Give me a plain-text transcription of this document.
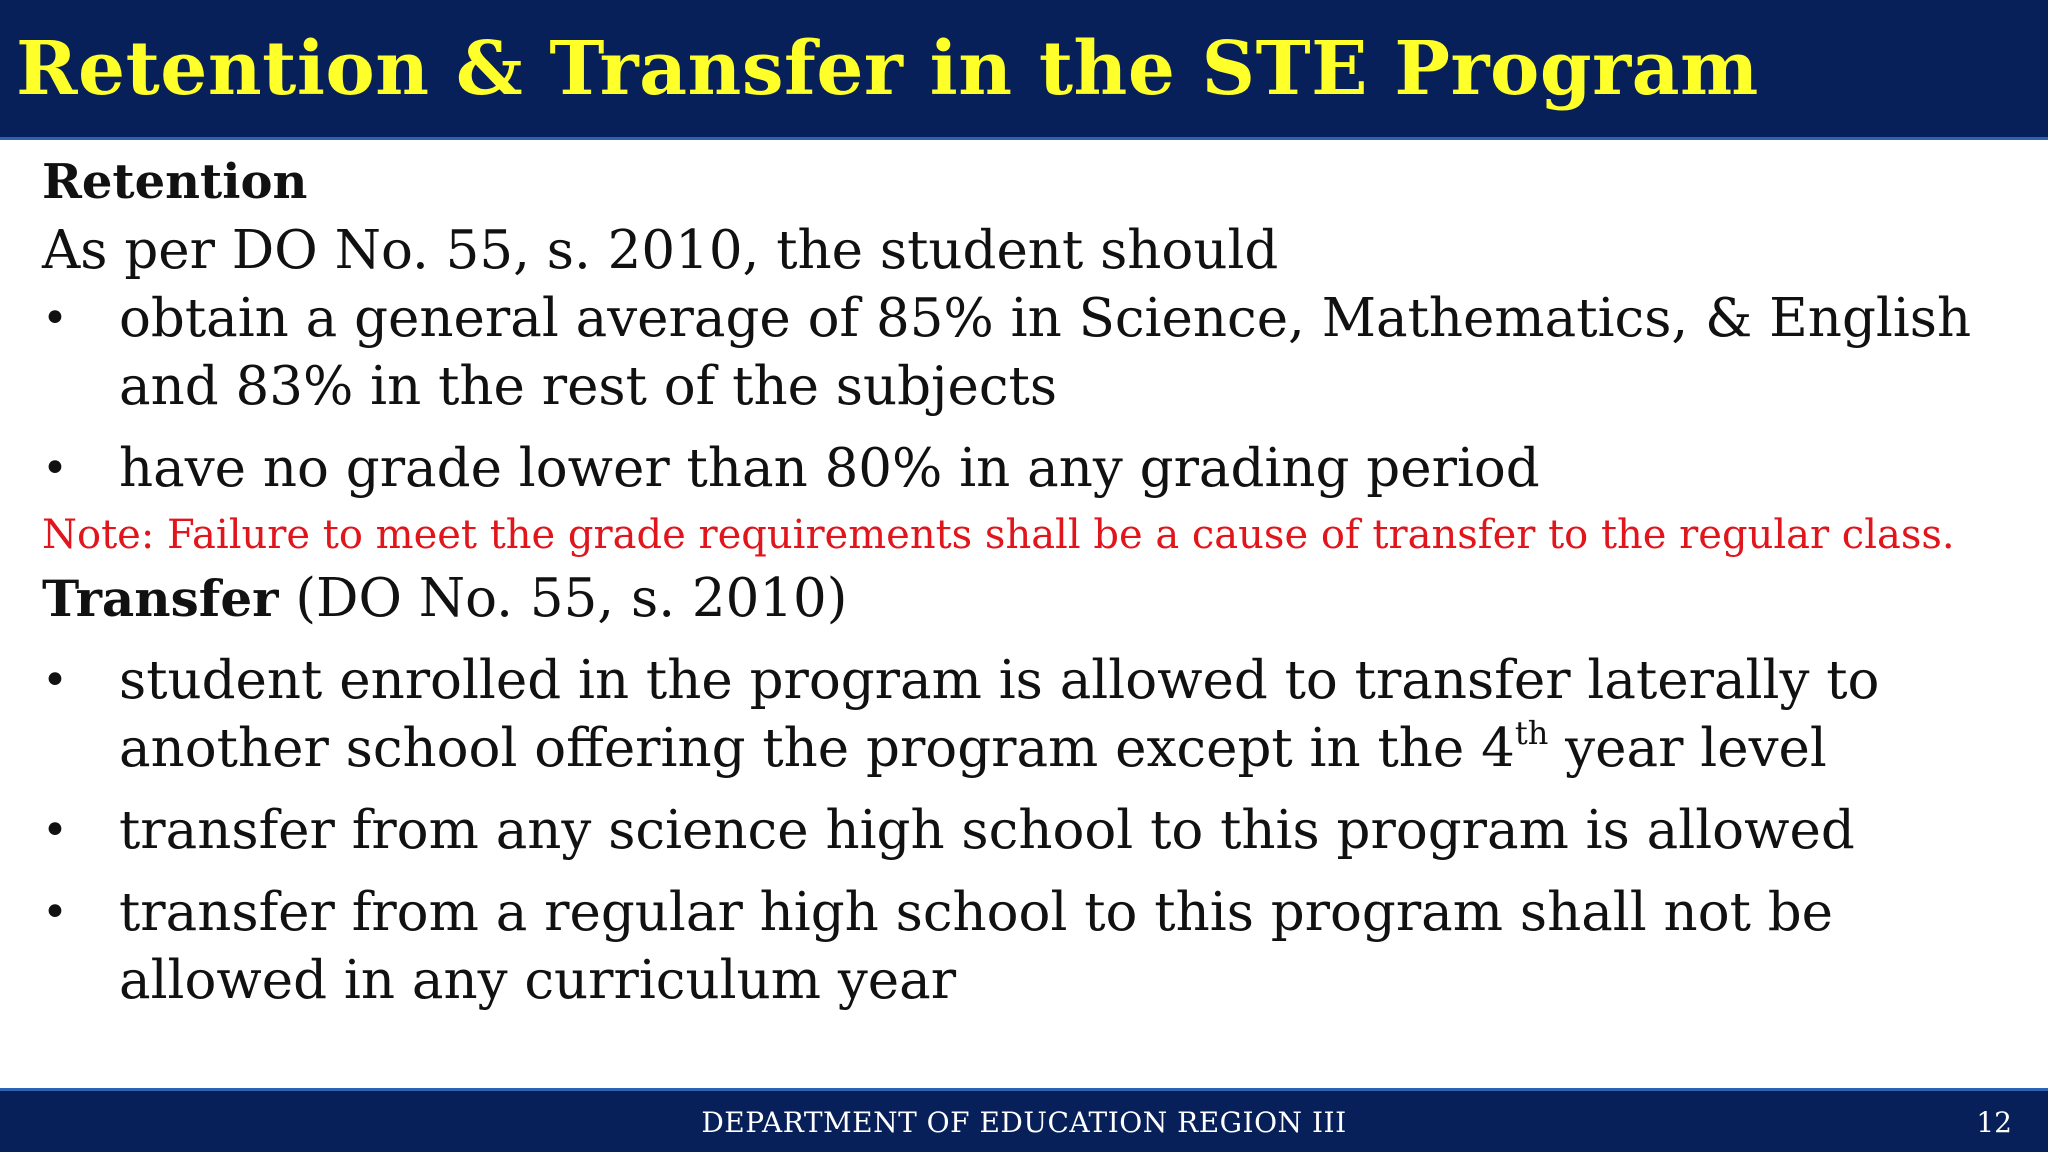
Retention & Transfer in the STE Program
Retention
As per DO No. 55, s. 2010, the student should
• obtain a general average of 85% in Science, Mathematics, & English and 83% in the rest of the subjects
• have no grade lower than 80% in any grading period
Note: Failure to meet the grade requirements shall be a cause of transfer to the regular class.
Transfer (DO No. 55, s. 2010)
• student enrolled in the program is allowed to transfer laterally to another school offering the program except in the 4th year level
• transfer from any science high school to this program is allowed
• transfer from a regular high school to this program shall not be allowed in any curriculum year
DEPARTMENT OF EDUCATION REGION III	12
